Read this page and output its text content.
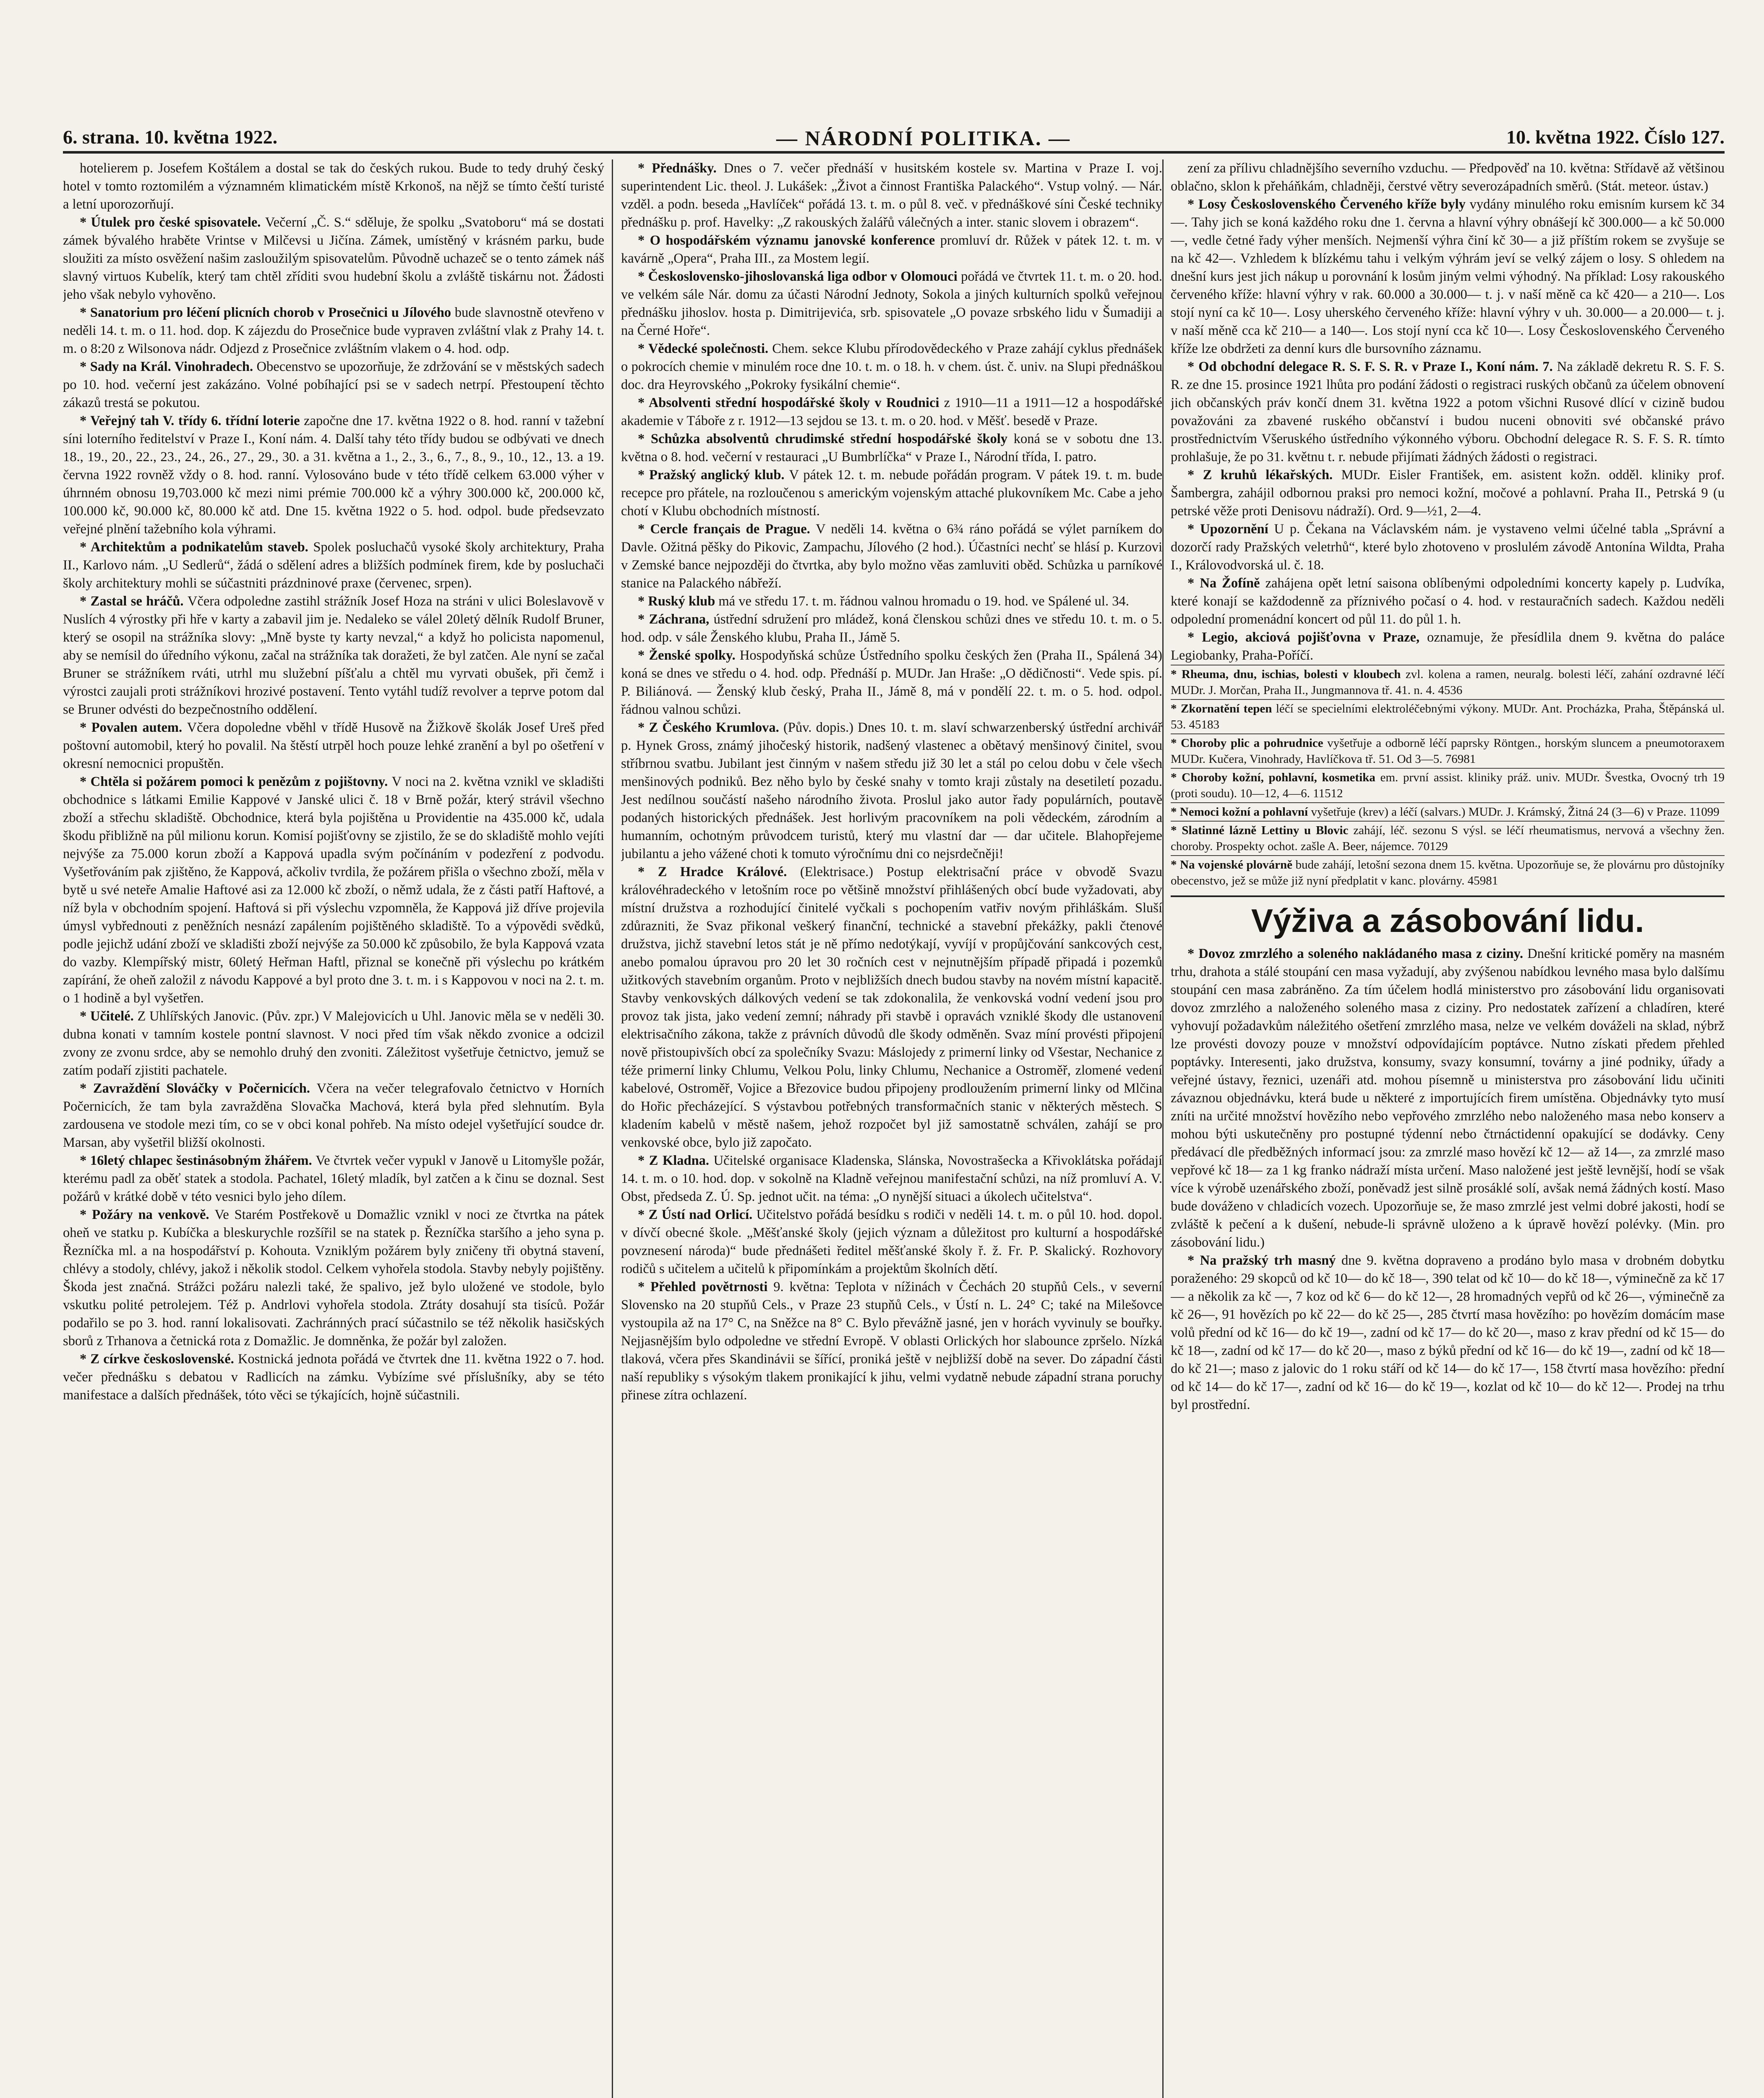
6. strana. 10. května 1922.	— NÁRODNÍ POLITIKA. —	10. května 1922. Číslo 127.

hotelierem p. Josefem Koštálem a dostal se tak do českých rukou. Bude to tedy druhý český hotel v tomto roztomilém a významném klimatickém místě Krkonoš, na nějž se tímto čeští turisté a letní uporozorňují.

* Útulek pro české spisovatele. Večerní „Č. S.“ sděluje, že spolku „Svatoboru“ má se dostati zámek bývalého hraběte Vrintse v Milčevsi u Jičína. Zámek, umístěný v krásném parku, bude sloužiti za místo osvěžení našim zasloužilým spisovatelům. Původně uchazeč se o tento zámek náš slavný virtuos Kubelík, který tam chtěl zříditi svou hudební školu a zvláště tiskárnu not. Žádosti jeho však nebylo vyhověno.

* Sanatorium pro léčení plicních chorob v Prosečnici u Jílového bude slavnostně otevřeno v neděli 14. t. m. o 11. hod. dop. K zájezdu do Prosečnice bude vypraven zvláštní vlak z Prahy 14. t. m. o 8:20 z Wilsonova nádr. Odjezd z Prosečnice zvláštním vlakem o 4. hod. odp.

* Sady na Král. Vinohradech. Obecenstvo se upozorňuje, že zdržování se v městských sadech po 10. hod. večerní jest zakázáno. Volné pobíhající psi se v sadech netrpí. Přestoupení těchto zákazů trestá se pokutou.

* Veřejný tah V. třídy 6. třídní loterie započne dne 17. května 1922 o 8. hod. ranní v tažební síni loterního ředitelství v Praze I., Koní nám. 4. Další tahy této třídy budou se odbývati ve dnech 18., 19., 20., 22., 23., 24., 26., 27., 29., 30. a 31. května a 1., 2., 3., 6., 7., 8., 9., 10., 12., 13. a 19. června 1922 rovněž vždy o 8. hod. ranní. Vylosováno bude v této třídě celkem 63.000 výher v úhrnném obnosu 19,703.000 kč mezi nimi prémie 700.000 kč a výhry 300.000 kč, 200.000 kč, 100.000 kč, 90.000 kč, 80.000 kč atd. Dne 15. května 1922 o 5. hod. odpol. bude předsevzato veřejné plnění tažebního kola výhrami.

* Architektům a podnikatelům staveb. Spolek posluchačů vysoké školy architektury, Praha II., Karlovo nám. „U Sedlerů“, žádá o sdělení adres a bližších podmínek firem, kde by posluchači školy architektury mohli se súčastniti prázdninové praxe (červenec, srpen).

* Zastal se hráčů. Včera odpoledne zastihl strážník Josef Hoza na stráni v ulici Boleslavově v Nuslích 4 výrostky při hře v karty a zabavil jim je. Nedaleko se válel 20letý dělník Rudolf Bruner, který se osopil na strážníka slovy: „Mně byste ty karty nevzal,“ a když ho policista napomenul, aby se nemísil do úředního výkonu, začal na strážníka tak doražeti, že byl zatčen. Ale nyní se začal Bruner se strážníkem rváti, utrhl mu služební píšťalu a chtěl mu vyrvati obušek, při čemž i výrostci zaujali proti strážníkovi hrozivé postavení. Tento vytáhl tudíž revolver a teprve potom dal se Bruner odvésti do bezpečnostního oddělení.

* Povalen autem. Včera dopoledne vběhl v třídě Husově na Žižkově školák Josef Ureš před poštovní automobil, který ho povalil. Na štěstí utrpěl hoch pouze lehké zranění a byl po ošetření v okresní nemocnici propuštěn.

* Chtěla si požárem pomoci k penězům z pojištovny. V noci na 2. května vznikl ve skladišti obchodnice s látkami Emilie Kappové v Janské ulici č. 18 v Brně požár, který strávil všechno zboží a střechu skladiště. Obchodnice, která byla pojištěna u Providentie na 435.000 kč, udala škodu přibližně na půl milionu korun. Komisí pojišťovny se zjistilo, že se do skladiště mohlo vejíti nejvýše za 75.000 korun zboží a Kappová upadla svým počínáním v podezření z podvodu. Vyšetřováním pak zjištěno, že Kappová, ačkoliv tvrdila, že požárem přišla o všechno zboží, měla v bytě u své neteře Amalie Haftové asi za 12.000 kč zboží, o němž udala, že z části patří Haftové, a níž byla v obchodním spojení. Haftová si při výslechu vzpomněla, že Kappová již dříve projevila úmysl vybřednouti z peněžních nesnází zapálením pojištěného skladiště. To a výpovědi svědků, podle jejichž udání zboží ve skladišti zboží nejvýše za 50.000 kč způsobilo, že byla Kappová vzata do vazby. Klempířský mistr, 60letý Heřman Haftl, přiznal se konečně při výslechu po krátkém zapírání, že oheň založil z návodu Kappové a byl proto dne 3. t. m. i s Kappovou v noci na 2. t. m. o 1 hodině a byl vyšetřen.

* Učitelé. Z Uhlířských Janovic. (Pův. zpr.) V Malejovicích u Uhl. Janovic měla se v neděli 30. dubna konati v tamním kostele pontní slavnost. V noci před tím však někdo zvonice a odcizil zvony ze zvonu srdce, aby se nemohlo druhý den zvoniti. Záležitost vyšetřuje četnictvo, jemuž se zatím podaří zjistiti pachatele.

* Zavraždění Slováčky v Počernicích. Včera na večer telegrafovalo četnictvo v Horních Počernicích, že tam byla zavražděna Slovačka Machová, která byla před slehnutím. Byla zardousena ve stodole mezi tím, co se v obci konal pohřeb. Na místo odejel vyšetřující soudce dr. Marsan, aby vyšetřil bližší okolnosti.

* 16letý chlapec šestinásobným žhářem. Ve čtvrtek večer vypukl v Janově u Litomyšle požár, kterému padl za oběť statek a stodola. Pachatel, 16letý mladík, byl zatčen a k činu se doznal. Sest požárů v krátké době v této vesnici bylo jeho dílem.

* Požáry na venkově. Ve Starém Postřekově u Domažlic vznikl v noci ze čtvrtka na pátek oheň ve statku p. Kubíčka a bleskurychle rozšířil se na statek p. Řezníčka staršího a jeho syna p. Řezníčka ml. a na hospodářství p. Kohouta. Vzniklým požárem byly zničeny tři obytná stavení, chlévy a stodoly, chlévy, jakož i několik stodol. Celkem vyhořela stodola. Stavby nebyly pojištěny. Škoda jest značná. Strážci požáru nalezli také, že spalivo, jež bylo uložené ve stodole, bylo vskutku polité petrolejem. Též p. Andrlovi vyhořela stodola. Ztráty dosahují sta tisíců. Požár podařilo se po 3. hod. ranní lokalisovati. Zachránných prací súčastnilo se též několik hasičských sborů z Trhanova a četnická rota z Domažlic. Je domněnka, že požár byl založen.

* Z církve československé. Kostnická jednota pořádá ve čtvrtek dne 11. května 1922 o 7. hod. večer přednášku s debatou v Radlicích na zámku. Vybízíme své příslušníky, aby se této manifestace a dalších přednášek, tóto věci se týkajících, hojně súčastnili.

* Přednášky. Dnes o 7. večer přednáší v husitském kostele sv. Martina v Praze I. voj. superintendent Lic. theol. J. Lukášek: „Život a činnost Františka Palackého“. Vstup volný. — Nár. vzděl. a podn. beseda „Havlíček“ pořádá 13. t. m. o půl 8. več. v přednáškové síni České techniky přednášku p. prof. Havelky: „Z rakouských žalářů válečných a inter. stanic slovem i obrazem“.

* O hospodářském významu janovské konference promluví dr. Růžek v pátek 12. t. m. v kavárně „Opera“, Praha III., za Mostem legií.

* Československo-jihoslovanská liga odbor v Olomouci pořádá ve čtvrtek 11. t. m. o 20. hod. ve velkém sále Nár. domu za účasti Národní Jednoty, Sokola a jiných kulturních spolků veřejnou přednášku jihoslov. hosta p. Dimitrijevića, srb. spisovatele „O povaze srbského lidu v Šumadiji a na Černé Hoře“.

* Vědecké společnosti. Chem. sekce Klubu přírodovědeckého v Praze zahájí cyklus přednášek o pokrocích chemie v minulém roce dne 10. t. m. o 18. h. v chem. úst. č. univ. na Slupi přednáškou doc. dra Heyrovského „Pokroky fysikální chemie“.

* Absolventi střední hospodářské školy v Roudnici z 1910—11 a 1911—12 a hospodářské akademie v Táboře z r. 1912—13 sejdou se 13. t. m. o 20. hod. v Měšť. besedě v Praze.

* Schůzka absolventů chrudimské střední hospodářské školy koná se v sobotu dne 13. května o 8. hod. večerní v restauraci „U Bumbrlíčka“ v Praze I., Národní třída, I. patro.

* Pražský anglický klub. V pátek 12. t. m. nebude pořádán program. V pátek 19. t. m. bude recepce pro přátele, na rozloučenou s americkým vojenským attaché plukovníkem Mc. Cabe a jeho chotí v Klubu obchodních místností.

* Cercle français de Prague. V neděli 14. května o 6¾ ráno pořádá se výlet parníkem do Davle. Ožitná pěšky do Pikovic, Zampachu, Jílového (2 hod.). Účastníci nechť se hlásí p. Kurzovi v Zemské bance nejpozději do čtvrtka, aby bylo možno věas zamluviti oběd. Schůzka u parníkové stanice na Palackého nábřeží.

* Ruský klub má ve středu 17. t. m. řádnou valnou hromadu o 19. hod. ve Spálené ul. 34.

* Záchrana, ústřední sdružení pro mládež, koná členskou schůzi dnes ve středu 10. t. m. o 5. hod. odp. v sále Ženského klubu, Praha II., Jámě 5.

* Ženské spolky. Hospodyňská schůze Ústředního spolku českých žen (Praha II., Spálená 34) koná se dnes ve středu o 4. hod. odp. Přednáší p. MUDr. Jan Hraše: „O dědičnosti“. Vede spis. pí. P. Biliánová. — Ženský klub český, Praha II., Jámě 8, má v pondělí 22. t. m. o 5. hod. odpol. řádnou valnou schůzi.

* Z Českého Krumlova. (Pův. dopis.) Dnes 10. t. m. slaví schwarzenberský ústřední archivář p. Hynek Gross, známý jihočeský historik, nadšený vlastenec a obětavý menšinový činitel, svou stříbrnou svatbu. Jubilant jest činným v našem středu již 30 let a stál po celou dobu v čele všech menšinových podniků. Bez něho bylo by české snahy v tomto kraji zůstaly na desetiletí pozadu. Jest nedílnou součástí našeho národního života. Proslul jako autor řady populárních, poutavě podaných historických přednášek. Jest horlivým pracovníkem na poli vědeckém, zárodním a humanním, ochotným průvodcem turistů, který mu vlastní dar — dar učitele. Blahopřejeme jubilantu a jeho vážené choti k tomuto výročnímu dni co nejsrdečněji!

* Z Hradce Králové. (Elektrisace.) Postup elektrisační práce v obvodě Svazu královéhradeckého v letošním roce po většině množství přihlášených obcí bude vyžadovati, aby místní družstva a rozhodující činitelé vyčkali s pochopením vatřiv novým přihláškám. Sluší zdůrazniti, že Svaz přikonal veškerý finanční, technické a stavební překážky, pakli čtenové družstva, jichž stavební letos stát je ně přímo nedotýkají, vyvíjí v propůjčování sankcových cest, anebo pomalou úpravou pro 20 let 30 ročních cest v nejnutnějším případě připadá i pozemků užitkových stavebním organům. Proto v nejbližších dnech budou stavby na novém místní kapacitě. Stavby venkovských dálkových vedení se tak zdokonalila, že venkovská vodní vedení jsou pro provoz tak jista, jako vedení zemní; náhrady při stavbě i opravách vzniklé škody dle ustanovení elektrisačního zákona, takže z právních důvodů dle škody odměněn. Svaz míní provésti připojení nově přistoupivších obcí za společníky Svazu: Máslojedy z primerní linky od Všestar, Nechanice z téže primerní linky Chlumu, Velkou Polu, linky Chlumu, Nechanice a Ostroměř, zlomené vedení kabelové, Ostroměř, Vojice a Březovice budou připojeny prodloužením primerní linky od Mlčina do Hořic přecházející. S výstavbou potřebných transformačních stanic v některých městech. S kladením kabelů v městě našem, jehož rozpočet byl již samostatně schválen, zahájí se pro venkovské obce, bylo již započato.

* Z Kladna. Učitelské organisace Kladenska, Slánska, Novostrašecka a Křivoklátska pořádají 14. t. m. o 10. hod. dop. v sokolně na Kladně veřejnou manifestační schůzi, na níž promluví A. V. Obst, předseda Z. Ú. Sp. jednot učit. na téma: „O nynější situaci a úkolech učitelstva“.

* Z Ústí nad Orlicí. Učitelstvo pořádá besídku s rodiči v neděli 14. t. m. o půl 10. hod. dopol. v dívčí obecné škole. „Měšťanské školy (jejich význam a důležitost pro kulturní a hospodářské povznesení národa)“ bude přednášeti ředitel měšťanské školy ř. ž. Fr. P. Skalický. Rozhovory rodičů s učitelem a učitelů k připomínkám a projektům školních dětí.

* Přehled povětrnosti 9. května: Teplota v nížinách v Čechách 20 stupňů Cels., v severní Slovensko na 20 stupňů Cels., v Praze 23 stupňů Cels., v Ústí n. L. 24° C; také na Milešovce vystoupila až na 17° C, na Sněžce na 8° C. Bylo převážně jasné, jen v horách vyvinuly se bouřky. Nejjasnějším bylo odpoledne ve střední Evropě. V oblasti Orlických hor slabounce zpršelo. Nízká tlaková, včera přes Skandinávii se šířící, proniká ještě v nejbližší době na sever. Do západní části naší republiky s výsokým tlakem pronikající k jihu, velmi vydatně nebude západní strana poruchy přinese zítra ochlazení.

zení za přílivu chladnějšího severního vzduchu. — Předpověď na 10. května: Střídavě až většinou oblačno, sklon k přeháňkám, chladněji, čerstvé větry severozápadních směrů. (Stát. meteor. ústav.)

* Losy Československého Červeného kříže byly vydány minulého roku emisním kursem kč 34—. Tahy jich se koná každého roku dne 1. června a hlavní výhry obnášejí kč 300.000— a kč 50.000—, vedle četné řady výher menších. Nejmenší výhra činí kč 30— a již příštím rokem se zvyšuje se na kč 42—. Vzhledem k blízkému tahu i velkým výhrám jeví se velký zájem o losy. S ohledem na dnešní kurs jest jich nákup u porovnání k losům jiným velmi výhodný. Na příklad: Losy rakouského červeného kříže: hlavní výhry v rak. 60.000 a 30.000— t. j. v naší měně ca kč 420— a 210—. Los stojí nyní ca kč 10—. Losy uherského červeného kříže: hlavní výhry v uh. 30.000— a 20.000— t. j. v naší měně cca kč 210— a 140—. Los stojí nyní cca kč 10—. Losy Československého Červeného kříže lze obdržeti za denní kurs dle bursovního záznamu.

* Od obchodní delegace R. S. F. S. R. v Praze I., Koní nám. 7. Na základě dekretu R. S. F. S. R. ze dne 15. prosince 1921 lhůta pro podání žádosti o registraci ruských občanů za účelem obnovení jich občanských práv končí dnem 31. května 1922 a potom všichni Rusové dlící v cizině budou považováni za zbavené ruského občanství i budou nuceni obnoviti své občanské právo prostřednictvím Všeruského ústředního výkonného výboru. Obchodní delegace R. S. F. S. R. tímto prohlašuje, že po 31. květnu t. r. nebude přijímati žádných žádosti o registraci.

* Z kruhů lékařských. MUDr. Eisler František, em. asistent kožn. odděl. kliniky prof. Šambergra, zahájil odbornou praksi pro nemoci kožní, močové a pohlavní. Praha II., Petrská 9 (u petrské věže proti Denisovu nádraží). Ord. 9—½1, 2—4.

* Upozornění U p. Čekana na Václavském nám. je vystaveno velmi účelné tabla „Správní a dozorčí rady Pražských veletrhů“, které bylo zhotoveno v proslulém závodě Antonína Wildta, Praha I., Královodvorská ul. č. 18.

* Na Žofíně zahájena opět letní saisona oblíbenými odpoledními koncerty kapely p. Ludvíka, které konají se každodenně za příznivého počasí o 4. hod. v restauračních sadech. Každou neděli odpolední promenádní koncert od půl 11. do půl 1. h.

* Legio, akciová pojišťovna v Praze, oznamuje, že přesídlila dnem 9. května do paláce Legiobanky, Praha-Poříčí.

* Rheuma, dnu, ischias, bolesti v kloubech zvl. kolena a ramen, neuralg. bolesti léčí, zahání ozdravné léčí MUDr. J. Morčan, Praha II., Jungmannova tř. 41. n. 4. 4536

* Zkornatění tepen léčí se specielními elektroléčebnými výkony. MUDr. Ant. Procházka, Praha, Štěpánská ul. 53. 45183

* Choroby plic a pohrudnice vyšetřuje a odborně léčí paprsky Röntgen., horským sluncem a pneumotoraxem MUDr. Kučera, Vinohrady, Havlíčkova tř. 51. Od 3—5. 76981

* Choroby kožní, pohlavní, kosmetika em. první assist. kliniky práž. univ. MUDr. Švestka, Ovocný trh 19 (proti soudu). 10—12, 4—6. 11512

* Nemoci kožní a pohlavní vyšetřuje (krev) a léčí (salvars.) MUDr. J. Krámský, Žitná 24 (3—6) v Praze. 11099

* Slatinné lázně Lettiny u Blovic zahájí, léč. sezonu S výsl. se léčí rheumatismus, nervová a všechny žen. choroby. Prospekty ochot. zašle A. Beer, nájemce. 70129

* Na vojenské plovárně bude zahájí, letošní sezona dnem 15. května. Upozorňuje se, že plovárnu pro důstojníky obecenstvo, jež se může již nyní předplatit v kanc. plovárny. 45981

Výživa a zásobování lidu.

* Dovoz zmrzlého a soleného nakládaného masa z ciziny. Dnešní kritické poměry na masném trhu, drahota a stálé stoupání cen masa vyžadují, aby zvýšenou nabídkou levného masa bylo dalšímu stoupání cen masa zabráněno. Za tím účelem hodlá ministerstvo pro zásobování lidu organisovati dovoz zmrzlého a naloženého soleného masa z ciziny. Pro nedostatek zařízení a chladíren, které vyhovují požadavkům náležitého ošetření zmrzlého masa, nelze ve velkém dováželi na sklad, nýbrž lze provésti dovozy pouze v množství odpovídajícím poptávce. Nutno získati předem přehled poptávky. Interesenti, jako družstva, konsumy, svazy konsumní, továrny a jiné podniky, úřady a veřejné ústavy, řeznici, uzenáři atd. mohou písemně u ministerstva pro zásobování lidu učiniti závaznou objednávku, která bude u některé z importujících firem umístěna. Objednávky tyto musí zníti na určité množství hovězího nebo vepřového zmrzlého nebo naloženého masa nebo konserv a mohou býti uskutečněny pro postupné týdenní nebo čtrnáctidenní opakující se dodávky. Ceny předávací dle předběžných informací jsou: za zmrzlé maso hovězí kč 12— až 14—, za zmrzlé maso vepřové kč 18— za 1 kg franko nádraží místa určení. Maso naložené jest ještě levnější, hodí se však více k výrobě uzenářského zboží, poněvadž jest silně prosáklé solí, avšak nemá žádných kostí. Maso bude dováženo v chladicích vozech. Upozorňuje se, že maso zmrzlé jest velmi dobré jakosti, hodí se zvláště k pečení a k dušení, nebude-li správně uloženo a k úpravě hovězí polévky. (Min. pro zásobování lidu.)

* Na pražský trh masný dne 9. května dopraveno a prodáno bylo masa v drobném dobytku poraženého: 29 skopců od kč 10— do kč 18—, 390 telat od kč 10— do kč 18—, výminečně za kč 17— a několik za kč —, 7 koz od kč 6— do kč 12—, 28 hromadných vepřů od kč 26—, výminečně za kč 26—, 91 hovězích po kč 22— do kč 25—, 285 čtvrtí masa hovězího: po hovězím domácím mase volů přední od kč 16— do kč 19—, zadní od kč 17— do kč 20—, maso z krav přední od kč 15— do kč 18—, zadní od kč 17— do kč 20—, maso z býků přední od kč 16— do kč 19—, zadní od kč 18— do kč 21—; maso z jalovic do 1 roku stáří od kč 14— do kč 17—, 158 čtvrtí masa hovězího: přední od kč 14— do kč 17—, zadní od kč 16— do kč 19—, kozlat od kč 10— do kč 12—. Prodej na trhu byl prostřední.
